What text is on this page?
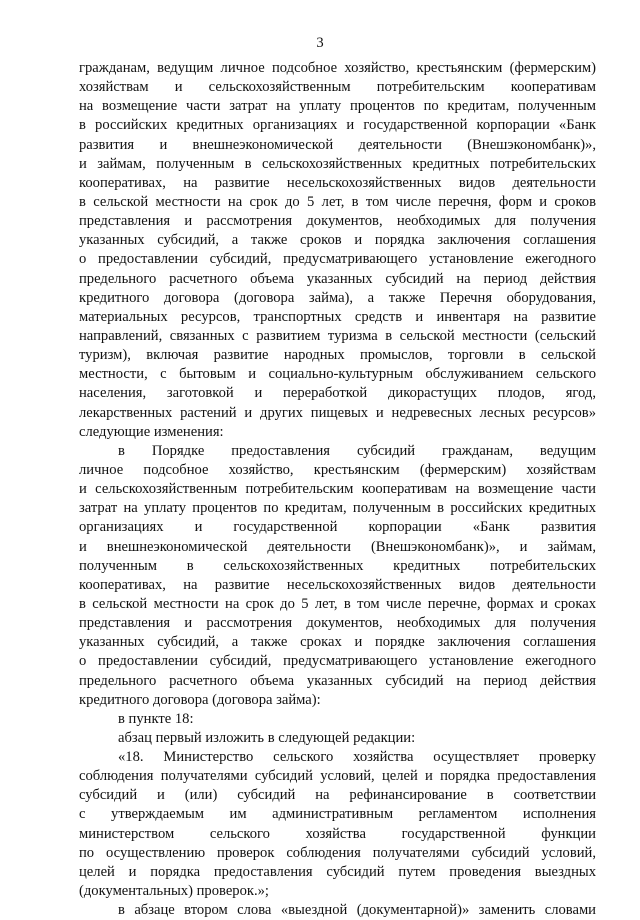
3
гражданам, ведущим личное подсобное хозяйство, крестьянским (фермерским)
хозяйствам и сельскохозяйственным потребительским кооперативам
на возмещение части затрат на уплату процентов по кредитам, полученным
в российских кредитных организациях и государственной корпорации «Банк
развития и внешнеэкономической деятельности (Внешэкономбанк)»,
и займам, полученным в сельскохозяйственных кредитных потребительских
кооперативах, на развитие несельскохозяйственных видов деятельности
в сельской местности на срок до 5 лет, в том числе перечня, форм и сроков
представления и рассмотрения документов, необходимых для получения
указанных субсидий, а также сроков и порядка заключения соглашения
о предоставлении субсидий, предусматривающего установление ежегодного
предельного расчетного объема указанных субсидий на период действия
кредитного договора (договора займа), а также Перечня оборудования,
материальных ресурсов, транспортных средств и инвентаря на развитие
направлений, связанных с развитием туризма в сельской местности (сельский
туризм), включая развитие народных промыслов, торговли в сельской
местности, с бытовым и социально-культурным обслуживанием сельского
населения, заготовкой и переработкой дикорастущих плодов, ягод,
лекарственных растений и других пищевых и недревесных лесных ресурсов»
следующие изменения:
в Порядке предоставления субсидий гражданам, ведущим
личное подсобное хозяйство, крестьянским (фермерским) хозяйствам
и сельскохозяйственным потребительским кооперативам на возмещение части
затрат на уплату процентов по кредитам, полученным в российских кредитных
организациях и государственной корпорации «Банк развития
и внешнеэкономической деятельности (Внешэкономбанк)», и займам,
полученным в сельскохозяйственных кредитных потребительских
кооперативах, на развитие несельскохозяйственных видов деятельности
в сельской местности на срок до 5 лет, в том числе перечне, формах и сроках
представления и рассмотрения документов, необходимых для получения
указанных субсидий, а также сроках и порядке заключения соглашения
о предоставлении субсидий, предусматривающего установление ежегодного
предельного расчетного объема указанных субсидий на период действия
кредитного договора (договора займа):
в пункте 18:
абзац первый изложить в следующей редакции:
«18. Министерство сельского хозяйства осуществляет проверку
соблюдения получателями субсидий условий, целей и порядка предоставления
субсидий и (или) субсидий на рефинансирование в соответствии
с утверждаемым им административным регламентом исполнения
министерством сельского хозяйства государственной функции
по осуществлению проверок соблюдения получателями субсидий условий,
целей и порядка предоставления субсидий путем проведения выездных
(документальных) проверок.»;
в абзаце втором слова «выездной (документарной)» заменить словами
